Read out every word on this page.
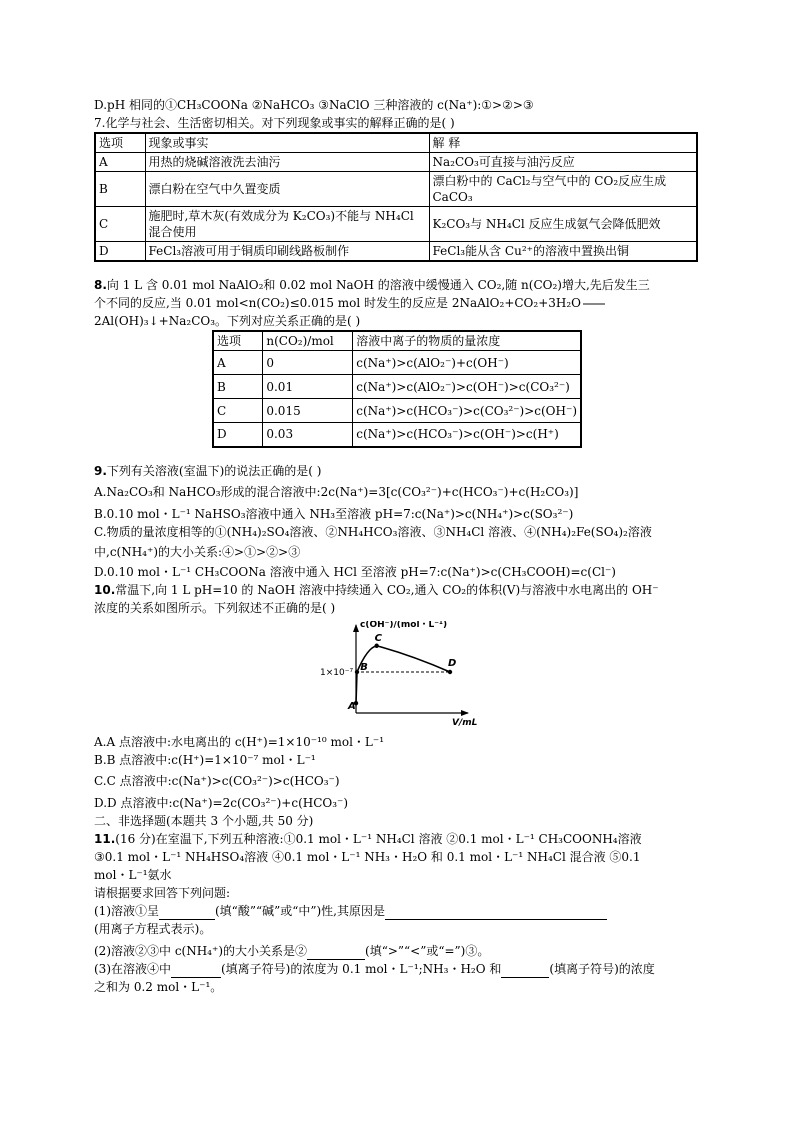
D.pH 相同的①CH₃COONa ②NaHCO₃ ③NaClO 三种溶液的 c(Na⁺):①>②>③
7.化学与社会、生活密切相关。对下列现象或事实的解释正确的是( )
选项	现象或事实	解 释
A	用热的烧碱溶液洗去油污	Na₂CO₃可直接与油污反应
B	漂白粉在空气中久置变质	漂白粉中的 CaCl₂与空气中的 CO₂反应生成 CaCO₃
C	施肥时,草木灰(有效成分为 K₂CO₃)不能与 NH₄Cl 混合使用	K₂CO₃与 NH₄Cl 反应生成氨气会降低肥效
D	FeCl₃溶液可用于铜质印刷线路板制作	FeCl₃能从含 Cu²⁺的溶液中置换出铜
8.向 1 L 含 0.01 mol NaAlO₂和 0.02 mol NaOH 的溶液中缓慢通入 CO₂,随 n(CO₂)增大,先后发生三
个不同的反应,当 0.01 mol<n(CO₂)≤0.015 mol 时发生的反应是 2NaAlO₂+CO₂+3H₂O
2Al(OH)₃↓+Na₂CO₃。下列对应关系正确的是( )
选项	n(CO₂)/mol	溶液中离子的物质的量浓度
A	0	c(Na⁺)>c(AlO₂⁻)+c(OH⁻)
B	0.01	c(Na⁺)>c(AlO₂⁻)>c(OH⁻)>c(CO₃²⁻)
C	0.015	c(Na⁺)>c(HCO₃⁻)>c(CO₃²⁻)>c(OH⁻)
D	0.03	c(Na⁺)>c(HCO₃⁻)>c(OH⁻)>c(H⁺)
9.下列有关溶液(室温下)的说法正确的是( )
A.Na₂CO₃和 NaHCO₃形成的混合溶液中:2c(Na⁺)=3[c(CO₃²⁻)+c(HCO₃⁻)+c(H₂CO₃)]
B.0.10 mol・L⁻¹ NaHSO₃溶液中通入 NH₃至溶液 pH=7:c(Na⁺)>c(NH₄⁺)>c(SO₃²⁻)
C.物质的量浓度相等的①(NH₄)₂SO₄溶液、②NH₄HCO₃溶液、③NH₄Cl 溶液、④(NH₄)₂Fe(SO₄)₂溶液
中,c(NH₄⁺)的大小关系:④>①>②>③
D.0.10 mol・L⁻¹ CH₃COONa 溶液中通入 HCl 至溶液 pH=7:c(Na⁺)>c(CH₃COOH)=c(Cl⁻)
10.常温下,向 1 L pH=10 的 NaOH 溶液中持续通入 CO₂,通入 CO₂的体积(V)与溶液中水电离出的 OH⁻
浓度的关系如图所示。下列叙述不正确的是( )
c(OH⁻)/(mol・L⁻¹)
V/mL
1×10⁻⁷
A
B
C
D
A.A 点溶液中:水电离出的 c(H⁺)=1×10⁻¹⁰ mol・L⁻¹
B.B 点溶液中:c(H⁺)=1×10⁻⁷ mol・L⁻¹
C.C 点溶液中:c(Na⁺)>c(CO₃²⁻)>c(HCO₃⁻)
D.D 点溶液中:c(Na⁺)=2c(CO₃²⁻)+c(HCO₃⁻)
二、非选择题(本题共 3 个小题,共 50 分)
11.(16 分)在室温下,下列五种溶液:①0.1 mol・L⁻¹ NH₄Cl 溶液 ②0.1 mol・L⁻¹ CH₃COONH₄溶液
③0.1 mol・L⁻¹ NH₄HSO₄溶液 ④0.1 mol・L⁻¹ NH₃・H₂O 和 0.1 mol・L⁻¹ NH₄Cl 混合液 ⑤0.1
mol・L⁻¹氨水
请根据要求回答下列问题:
(1)溶液①呈	(填“酸”“碱”或“中”)性,其原因是
(用离子方程式表示)。
(2)溶液②③中 c(NH₄⁺)的大小关系是②	(填“>”“<”或“=”)③。
(3)在溶液④中	(填离子符号)的浓度为 0.1 mol・L⁻¹;NH₃・H₂O 和	(填离子符号)的浓度
之和为 0.2 mol・L⁻¹。
